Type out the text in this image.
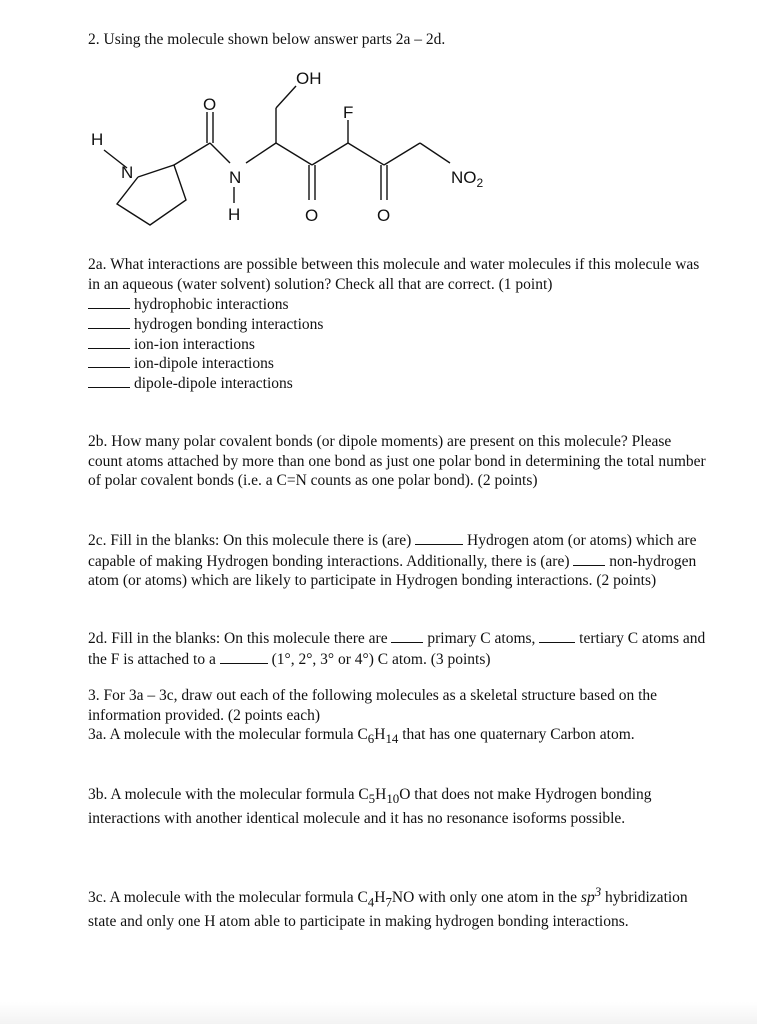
2. Using the molecule shown below answer parts 2a – 2d.

OH
O	F
H
N	N
H	O	O
$NO_2$

2a. What interactions are possible between this molecule and water molecules if this molecule was in an aqueous (water solvent) solution? Check all that are correct. (1 point)

hydrophobic interactions
hydrogen bonding interactions
ion-ion interactions
ion-dipole interactions
dipole-dipole interactions

2b. How many polar covalent bonds (or dipole moments) are present on this molecule? Please count atoms attached by more than one bond as just one polar bond in determining the total number of polar covalent bonds (i.e. a C=N counts as one polar bond). (2 points)

2c. Fill in the blanks: On this molecule there is (are)	Hydrogen atom (or atoms) which are capable of making Hydrogen bonding interactions. Additionally, there is (are)	non-hydrogen atom (or atoms) which are likely to participate in Hydrogen bonding interactions. (2 points)

2d. Fill in the blanks: On this molecule there are	primary C atoms,	tertiary C atoms and the F is attached to a	(1°, 2°, 3° or 4°) C atom. (3 points)

3. For 3a – 3c, draw out each of the following molecules as a skeletal structure based on the information provided. (2 points each)

3a. A molecule with the molecular formula $C_6H_{14}$ that has one quaternary Carbon atom.

3b. A molecule with the molecular formula $C_5H_{10}O$ that does not make Hydrogen bonding interactions with another identical molecule and it has no resonance isoforms possible.

3c. A molecule with the molecular formula $C_4H_7NO$ with only one atom in the $sp^3$ hybridization state and only one H atom able to participate in making hydrogen bonding interactions.
